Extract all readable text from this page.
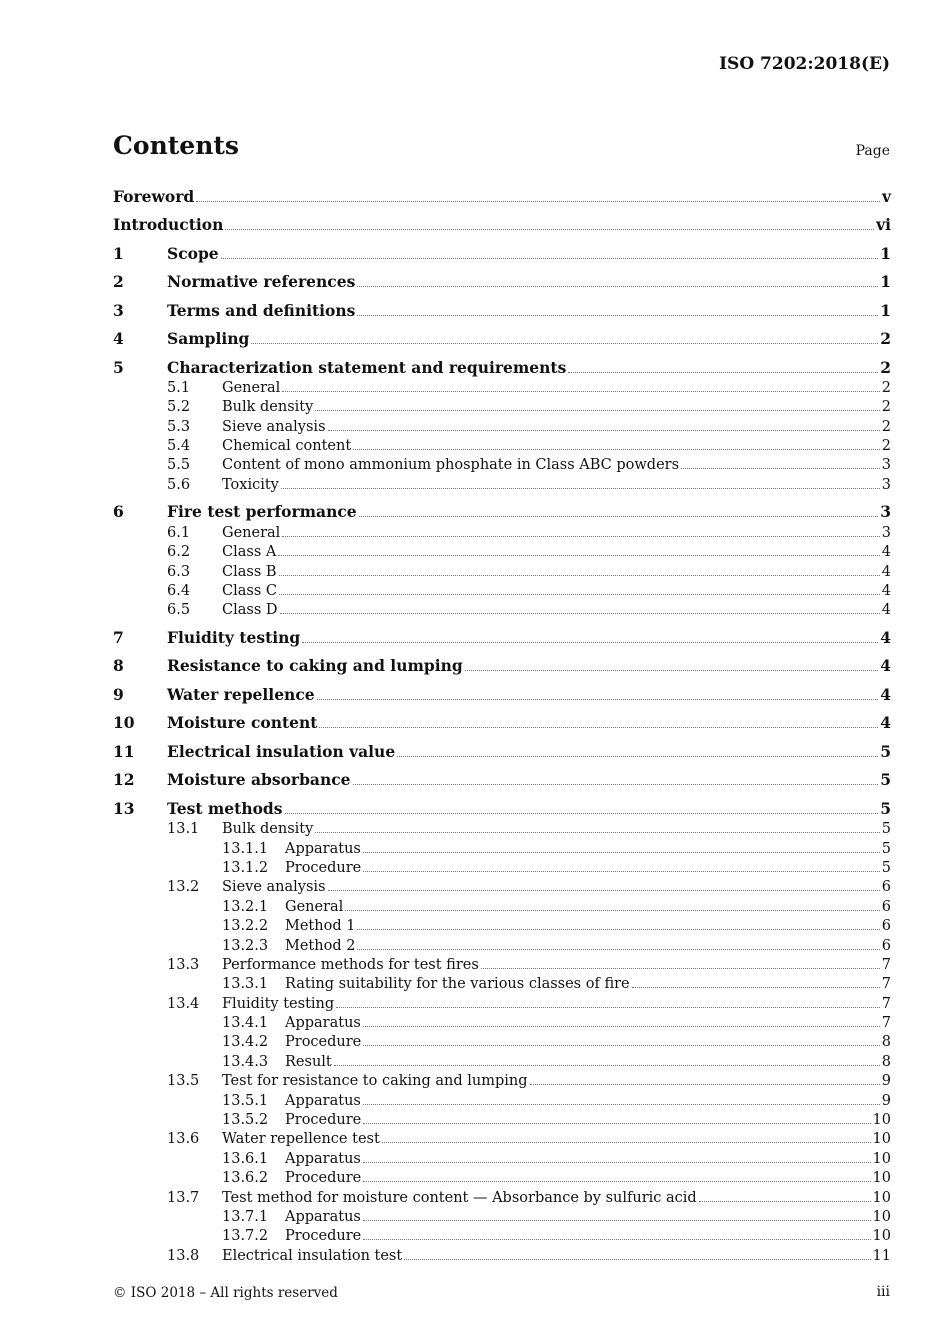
ISO 7202:2018(E)
Contents	Page
Foreword	v
Introduction	vi
1	Scope	1
2	Normative references	1
3	Terms and definitions	1
4	Sampling	2
5	Characterization statement and requirements	2
5.1	General	2
5.2	Bulk density	2
5.3	Sieve analysis	2
5.4	Chemical content	2
5.5	Content of mono ammonium phosphate in Class ABC powders	3
5.6	Toxicity	3
6	Fire test performance	3
6.1	General	3
6.2	Class A	4
6.3	Class B	4
6.4	Class C	4
6.5	Class D	4
7	Fluidity testing	4
8	Resistance to caking and lumping	4
9	Water repellence	4
10	Moisture content	4
11	Electrical insulation value	5
12	Moisture absorbance	5
13	Test methods	5
13.1	Bulk density	5
13.1.1	Apparatus	5
13.1.2	Procedure	5
13.2	Sieve analysis	6
13.2.1	General	6
13.2.2	Method 1	6
13.2.3	Method 2	6
13.3	Performance methods for test fires	7
13.3.1	Rating suitability for the various classes of fire	7
13.4	Fluidity testing	7
13.4.1	Apparatus	7
13.4.2	Procedure	8
13.4.3	Result	8
13.5	Test for resistance to caking and lumping	9
13.5.1	Apparatus	9
13.5.2	Procedure	10
13.6	Water repellence test	10
13.6.1	Apparatus	10
13.6.2	Procedure	10
13.7	Test method for moisture content — Absorbance by sulfuric acid	10
13.7.1	Apparatus	10
13.7.2	Procedure	10
13.8	Electrical insulation test	11
© ISO 2018 – All rights reserved	iii
